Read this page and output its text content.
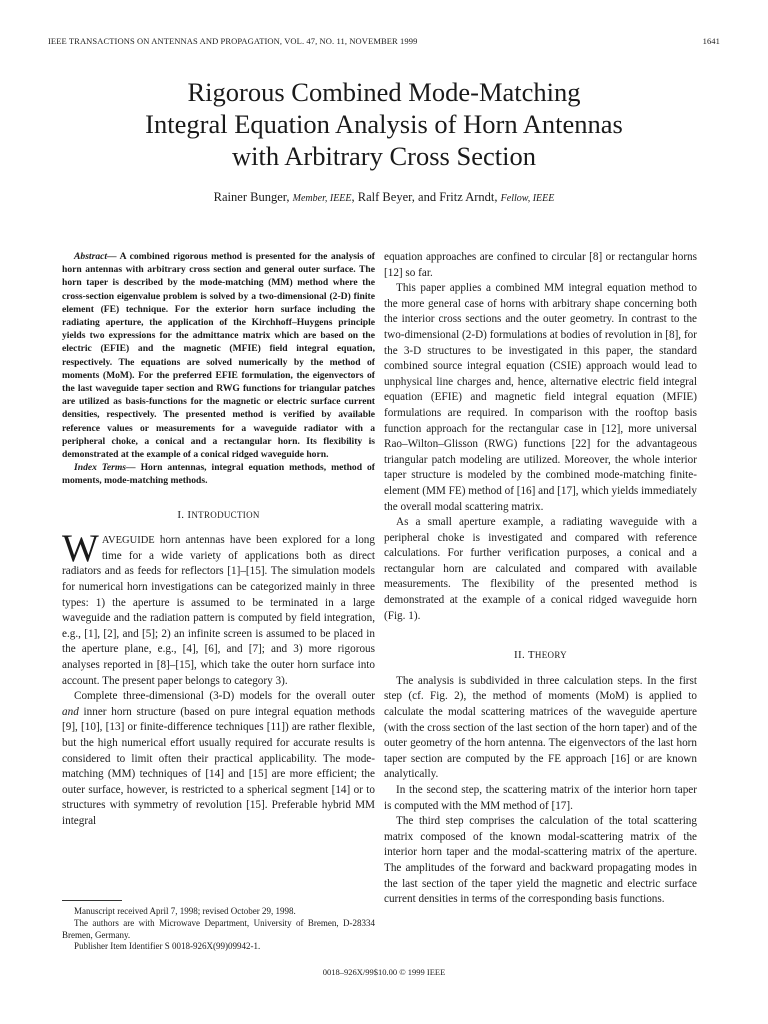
IEEE TRANSACTIONS ON ANTENNAS AND PROPAGATION, VOL. 47, NO. 11, NOVEMBER 1999	1641
Rigorous Combined Mode-Matching
Integral Equation Analysis of Horn Antennas
with Arbitrary Cross Section
Rainer Bunger, Member, IEEE, Ralf Beyer, and Fritz Arndt, Fellow, IEEE

Abstract— A combined rigorous method is presented for the analysis of horn antennas with arbitrary cross section and general outer surface. The horn taper is described by the mode-matching (MM) method where the cross-section eigenvalue problem is solved by a two-dimensional (2-D) finite element (FE) technique. For the exterior horn surface including the radiating aperture, the application of the Kirchhoff–Huygens principle yields two expressions for the admittance matrix which are based on the electric (EFIE) and the magnetic (MFIE) field integral equation, respectively. The equations are solved numerically by the method of moments (MoM). For the preferred EFIE formulation, the eigenvectors of the last waveguide taper section and RWG functions for triangular patches are utilized as basis-functions for the magnetic or electric surface current densities, respectively. The presented method is verified by available reference values or measurements for a waveguide radiator with a peripheral choke, a conical and a rectangular horn. Its flexibility is demonstrated at the example of a conical ridged waveguide horn.

Index Terms— Horn antennas, integral equation methods, method of moments, mode-matching methods.

I. INTRODUCTION

WAVEGUIDE horn antennas have been explored for a long time for a wide variety of applications both as direct radiators and as feeds for reflectors [1]–[15]. The simulation models for numerical horn investigations can be categorized mainly in three types: 1) the aperture is assumed to be terminated in a large waveguide and the radiation pattern is computed by field integration, e.g., [1], [2], and [5]; 2) an infinite screen is assumed to be placed in the aperture plane, e.g., [4], [6], and [7]; and 3) more rigorous analyses reported in [8]–[15], which take the outer horn surface into account. The present paper belongs to category 3).

Complete three-dimensional (3-D) models for the overall outer and inner horn structure (based on pure integral equation methods [9], [10], [13] or finite-difference techniques [11]) are rather flexible, but the high numerical effort usually required for accurate results is considered to limit often their practical applicability. The mode-matching (MM) techniques of [14] and [15] are more efficient; the outer surface, however, is restricted to a spherical segment [14] or to structures with symmetry of revolution [15]. Preferable hybrid MM integral

Manuscript received April 7, 1998; revised October 29, 1998.

The authors are with Microwave Department, University of Bremen, D-28334 Bremen, Germany.

Publisher Item Identifier S 0018-926X(99)09942-1.

equation approaches are confined to circular [8] or rectangular horns [12] so far.

This paper applies a combined MM integral equation method to the more general case of horns with arbitrary shape concerning both the interior cross sections and the outer geometry. In contrast to the two-dimensional (2-D) formulations at bodies of revolution in [8], for the 3-D structures to be investigated in this paper, the standard combined source integral equation (CSIE) approach would lead to unphysical line charges and, hence, alternative electric field integral equation (EFIE) and magnetic field integral equation (MFIE) formulations are required. In comparison with the rooftop basis function approach for the rectangular case in [12], more universal Rao–Wilton–Glisson (RWG) functions [22] for the advantageous triangular patch modeling are utilized. Moreover, the whole interior taper structure is modeled by the combined mode-matching finite-element (MM FE) method of [16] and [17], which yields immediately the overall modal scattering matrix.

As a small aperture example, a radiating waveguide with a peripheral choke is investigated and compared with reference calculations. For further verification purposes, a conical and a rectangular horn are calculated and compared with available measurements. The flexibility of the presented method is demonstrated at the example of a conical ridged waveguide horn (Fig. 1).

II. THEORY

The analysis is subdivided in three calculation steps. In the first step (cf. Fig. 2), the method of moments (MoM) is applied to calculate the modal scattering matrices of the waveguide aperture (with the cross section of the last section of the horn taper) and of the outer geometry of the horn antenna. The eigenvectors of the last horn taper section are computed by the FE approach [16] or are known analytically.

In the second step, the scattering matrix of the interior horn taper is computed with the MM method of [17].

The third step comprises the calculation of the total scattering matrix composed of the known modal-scattering matrix of the interior horn taper and the modal-scattering matrix of the aperture. The amplitudes of the forward and backward propagating modes in the last section of the taper yield the magnetic and electric surface current densities in terms of the corresponding basis functions.

0018–926X/99$10.00 © 1999 IEEE
